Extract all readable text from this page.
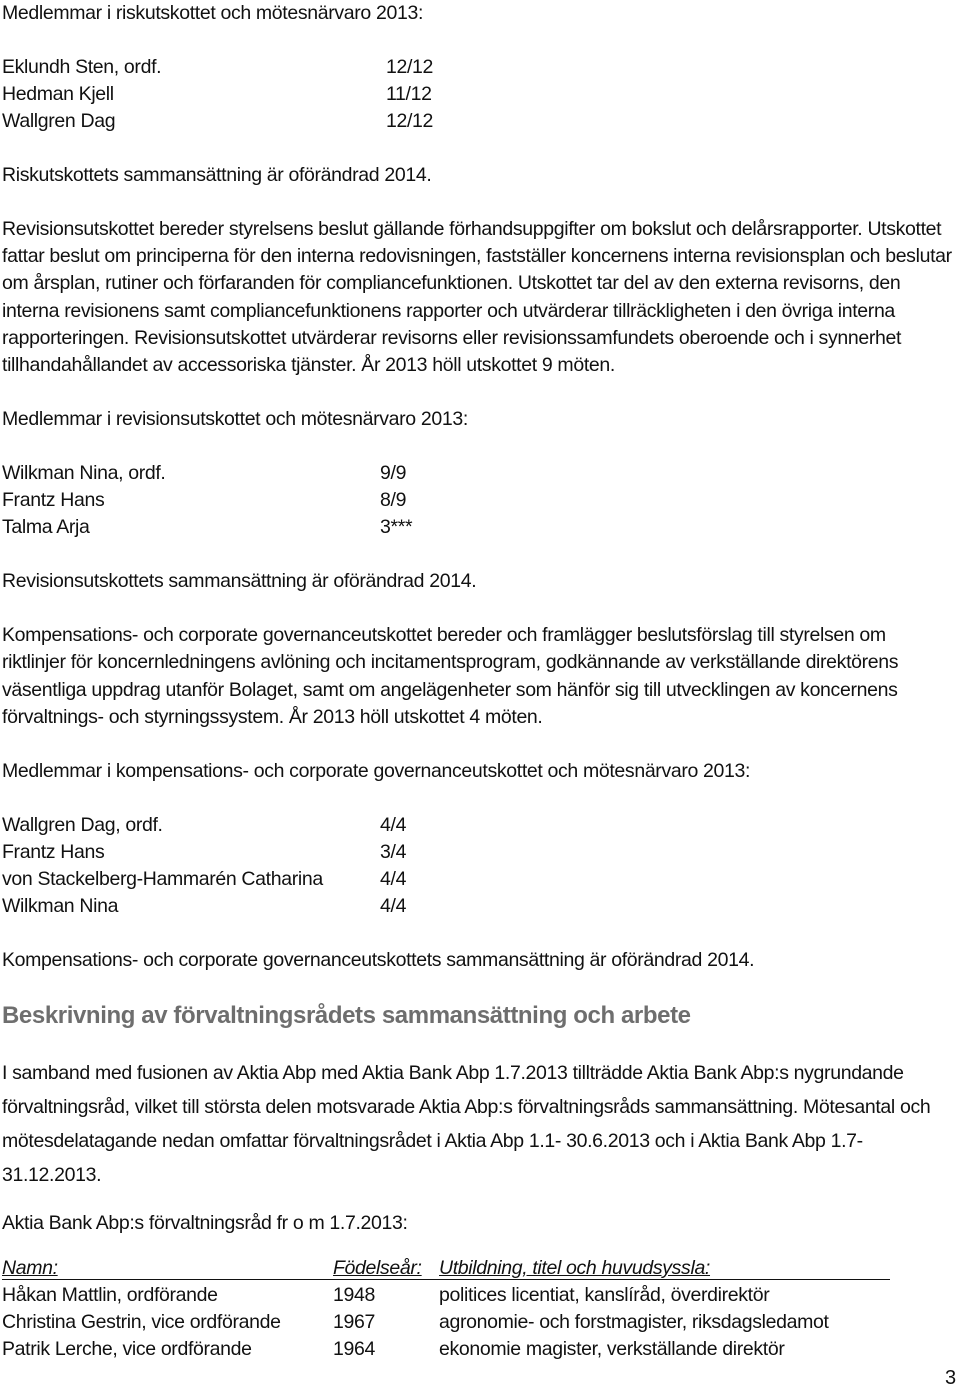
Medlemmar i riskutskottet och mötesnärvaro 2013:

Eklundh Sten, ordf.	12/12
Hedman Kjell	11/12
Wallgren Dag	12/12

Riskutskottets sammansättning är oförändrad 2014.

Revisionsutskottet bereder styrelsens beslut gällande förhandsuppgifter om bokslut och delårsrapporter. Utskottet fattar beslut om principerna för den interna redovisningen, fastställer koncernens interna revisionsplan och beslutar om årsplan, rutiner och förfaranden för compliancefunktionen. Utskottet tar del av den externa revisorns, den interna revisionens samt compliancefunktionens rapporter och utvärderar tillräckligheten i den övriga interna rapporteringen. Revisionsutskottet utvärderar revisorns eller revisionssamfundets oberoende och i synnerhet tillhandahållandet av accessoriska tjänster. År 2013 höll utskottet 9 möten.

Medlemmar i revisionsutskottet och mötesnärvaro 2013:

Wilkman Nina, ordf.	9/9
Frantz Hans	8/9
Talma Arja	3***

Revisionsutskottets sammansättning är oförändrad 2014.

Kompensations- och corporate governanceutskottet bereder och framlägger beslutsförslag till styrelsen om riktlinjer för koncernledningens avlöning och incitamentsprogram, godkännande av verkställande direktörens väsentliga uppdrag utanför Bolaget, samt om angelägenheter som hänför sig till utvecklingen av koncernens förvaltnings- och styrningssystem. År 2013 höll utskottet 4 möten.

Medlemmar i kompensations- och corporate governanceutskottet och mötesnärvaro 2013:

Wallgren Dag, ordf.	4/4
Frantz Hans	3/4
von Stackelberg-Hammarén Catharina	4/4
Wilkman Nina	4/4

Kompensations- och corporate governanceutskottets sammansättning är oförändrad 2014.

Beskrivning av förvaltningsrådets sammansättning och arbete

I samband med fusionen av Aktia Abp med Aktia Bank Abp 1.7.2013 tillträdde Aktia Bank Abp:s nygrundande förvaltningsråd, vilket till största delen motsvarade Aktia Abp:s förvaltningsråds sammansättning. Mötesantal och mötesdelatagande nedan omfattar förvaltningsrådet i Aktia Abp 1.1- 30.6.2013 och i Aktia Bank Abp 1.7- 31.12.2013.

Aktia Bank Abp:s förvaltningsråd fr o m 1.7.2013:

Namn:	Födelseår: Utbildning, titel och huvudsyssla:
Håkan Mattlin, ordförande	1948	politices licentiat, kanslíråd, överdirektör
Christina Gestrin, vice ordförande	1967	agronomie- och forstmagister, riksdagsledamot
Patrik Lerche, vice ordförande	1964	ekonomie magister, verkställande direktör
3
